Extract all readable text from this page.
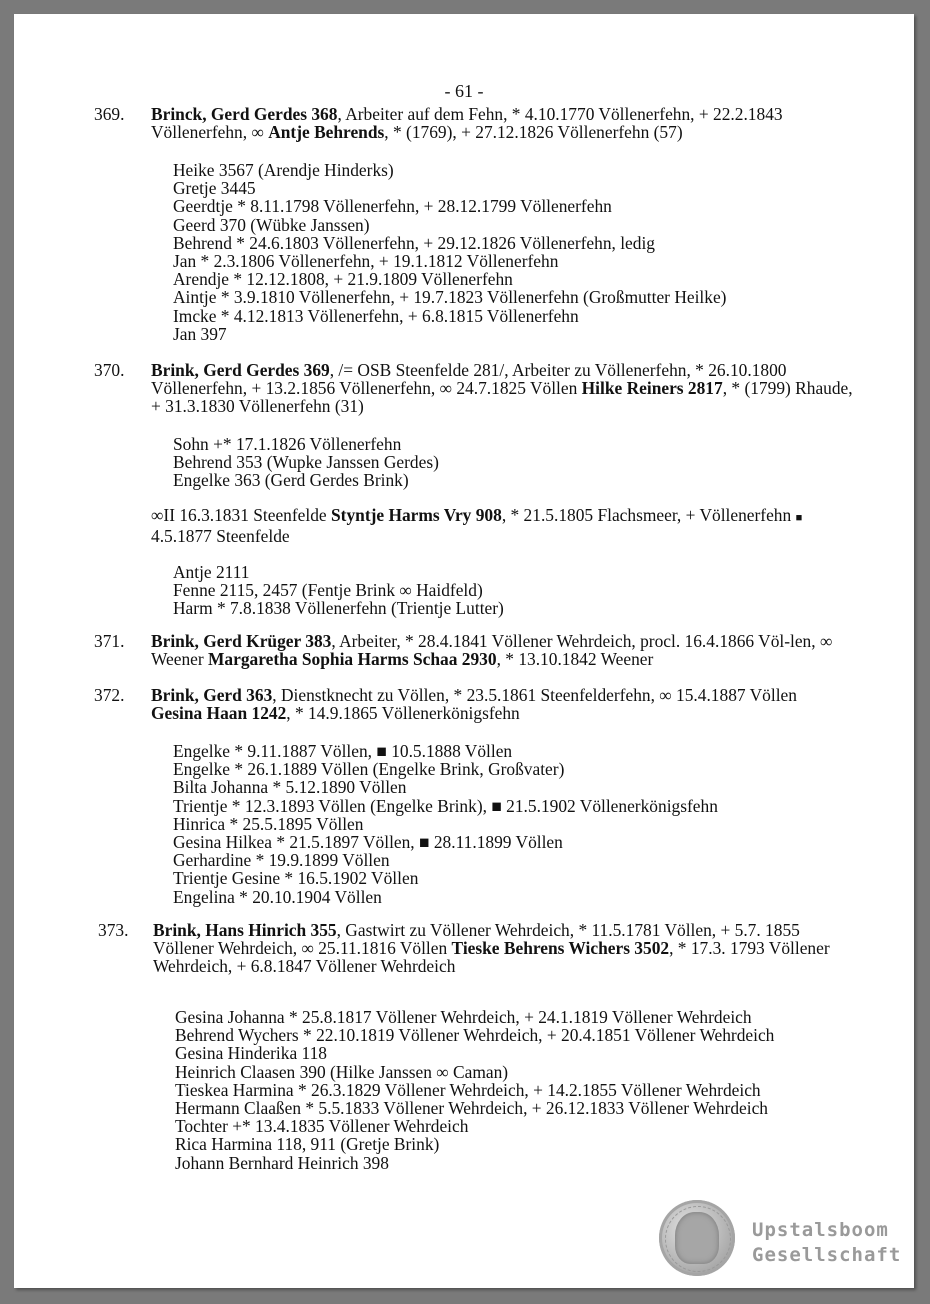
- 61 -
369. Brinck, Gerd Gerdes 368, Arbeiter auf dem Fehn, * 4.10.1770 Völlenerfehn, + 22.2.1843 Völlenerfehn, ∞ Antje Behrends, * (1769), + 27.12.1826 Völlenerfehn (57)

Heike 3567 (Arendje Hinderks)
Gretje 3445
Geerdtje * 8.11.1798 Völlenerfehn, + 28.12.1799 Völlenerfehn
Geerd 370 (Wübke Janssen)
Behrend * 24.6.1803 Völlenerfehn, + 29.12.1826 Völlenerfehn, ledig
Jan * 2.3.1806 Völlenerfehn, + 19.1.1812 Völlenerfehn
Arendje * 12.12.1808, + 21.9.1809 Völlenerfehn
Aintje * 3.9.1810 Völlenerfehn, + 19.7.1823 Völlenerfehn (Großmutter Heilke)
Imcke * 4.12.1813 Völlenerfehn, + 6.8.1815 Völlenerfehn
Jan 397
370. Brink, Gerd Gerdes 369, /= OSB Steenfelde 281/, Arbeiter zu Völlenerfehn, * 26.10.1800 Völlenerfehn, + 13.2.1856 Völlenerfehn, ∞ 24.7.1825 Völlen Hilke Reiners 2817, * (1799) Rhaude, + 31.3.1830 Völlenerfehn (31)

Sohn +* 17.1.1826 Völlenerfehn
Behrend 353 (Wupke Janssen Gerdes)
Engelke 363 (Gerd Gerdes Brink)

∞II 16.3.1831 Steenfelde Styntje Harms Vry 908, * 21.5.1805 Flachsmeer, + Völlenerfehn ■ 4.5.1877 Steenfelde

Antje 2111
Fenne 2115, 2457 (Fentje Brink ∞ Haidfeld)
Harm * 7.8.1838 Völlenerfehn (Trientje Lutter)
371. Brink, Gerd Krüger 383, Arbeiter, * 28.4.1841 Völlener Wehrdeich, procl. 16.4.1866 Völ-len, ∞ Weener Margaretha Sophia Harms Schaa 2930, * 13.10.1842 Weener

372. Brink, Gerd 363, Dienstknecht zu Völlen, * 23.5.1861 Steenfelderfehn, ∞ 15.4.1887 Völlen Gesina Haan 1242, * 14.9.1865 Völlenerkönigsfehn

Engelke * 9.11.1887 Völlen, ■ 10.5.1888 Völlen
Engelke * 26.1.1889 Völlen (Engelke Brink, Großvater)
Bilta Johanna * 5.12.1890 Völlen
Trientje * 12.3.1893 Völlen (Engelke Brink), ■ 21.5.1902 Völlenerkönigsfehn
Hinrica * 25.5.1895 Völlen
Gesina Hilkea * 21.5.1897 Völlen, ■ 28.11.1899 Völlen
Gerhardine * 19.9.1899 Völlen
Trientje Gesine * 16.5.1902 Völlen
Engelina * 20.10.1904 Völlen
373. Brink, Hans Hinrich 355, Gastwirt zu Völlener Wehrdeich, * 11.5.1781 Völlen, + 5.7. 1855 Völlener Wehrdeich, ∞ 25.11.1816 Völlen Tieske Behrens Wichers 3502, * 17.3. 1793 Völlener Wehrdeich, + 6.8.1847 Völlener Wehrdeich

Gesina Johanna * 25.8.1817 Völlener Wehrdeich, + 24.1.1819 Völlener Wehrdeich
Behrend Wychers * 22.10.1819 Völlener Wehrdeich, + 20.4.1851 Völlener Wehrdeich
Gesina Hinderika 118
Heinrich Claasen 390 (Hilke Janssen ∞ Caman)
Tieskea Harmina * 26.3.1829 Völlener Wehrdeich, + 14.2.1855 Völlener Wehrdeich
Hermann Claaßen * 5.5.1833 Völlener Wehrdeich, + 26.12.1833 Völlener Wehrdeich
Tochter +* 13.4.1835 Völlener Wehrdeich
Rica Harmina 118, 911 (Gretje Brink)
Johann Bernhard Heinrich 398
Upstalsboom
Gesellschaft
